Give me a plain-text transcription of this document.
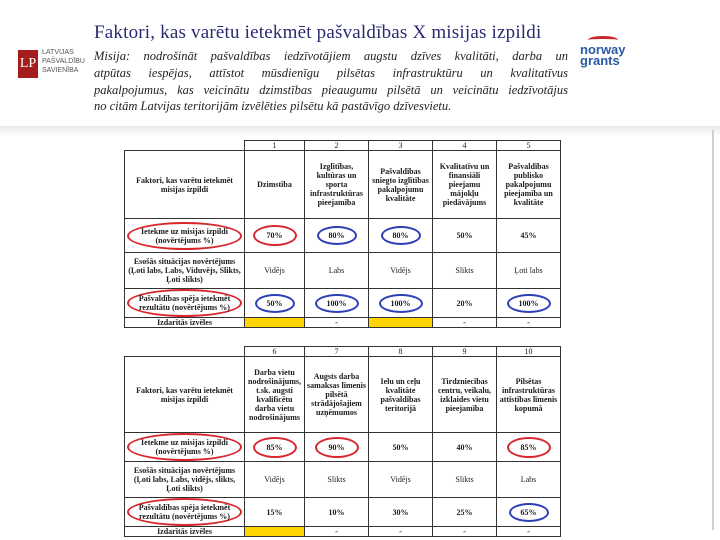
Faktori, kas varētu ietekmēt pašvaldības X misijas izpildi
LP
LATVIJAS
PAŠVALDĪBU
SAVIENĪBA
norway
grants
Misija: nodrošināt pašvaldības iedzīvotājiem augstu dzīves kvalitāti, darba un
atpūtas iespējas, attīstot mūsdienīgu pilsētas infrastruktūru un kvalitatīvus
pakalpojumus, kas veicinātu dzimstības pieaugumu pilsētā un veicinātu iedzīvotājus
no citām Latvijas teritorijām izvēlēties pilsētu kā pastāvīgo dzīvesvietu.
	1	2	3	4	5
Faktori, kas varētu ietekmēt misijas izpildi	Dzimstība	Izglītības, kultūras un sporta infrastruktūras pieejamība	Pašvaldības sniegto izglītības pakalpojumu kvalitāte	Kvalitatīvu un finansiāli pieejamu mājokļu piedāvājums	Pašvaldības publisko pakalpojumu pieejamība un kvalitāte
Ietekme uz misijas izpildi (novērtējums %)	70%	80%	80%	50%	45%
Esošās situācijas novērtējums (Ļoti labs, Labs, Viduvējs, Slikts, Ļoti slikts)	Vidējs	Labs	Vidējs	Slikts	Ļoti labs
Pašvaldības spēja ietekmēt rezultātu (novērtējums %)	50%	100%	100%	20%	100%
Izdarītās izvēles		-		-	-
	6	7	8	9	10
Faktori, kas varētu ietekmēt misijas izpildi	Darba vietu nodrošinājums, t.sk. augsti kvalificētu darba vietu nodrošinājums	Augsts darba samaksas līmenis pilsētā strādājošajiem uzņēmumos	Ielu un ceļu kvalitāte pašvaldības teritorijā	Tirdzniecības centru, veikalu, izklaides vietu pieejamība	Pilsētas infrastruktūras attīstības līmenis kopumā
Ietekme uz misijas izpildi (novērtējums %)	85%	90%	50%	40%	85%
Esošās situācijas novērtējums (Ļoti labs, Labs, vidējs, slikts, Ļoti slikts)	Vidējs	Slikts	Vidējs	Slikts	Labs
Pašvaldības spēja ietekmēt rezultātu (novērtējums %)	15%	10%	30%	25%	65%
Izdarītās izvēles		-	-	-	-
